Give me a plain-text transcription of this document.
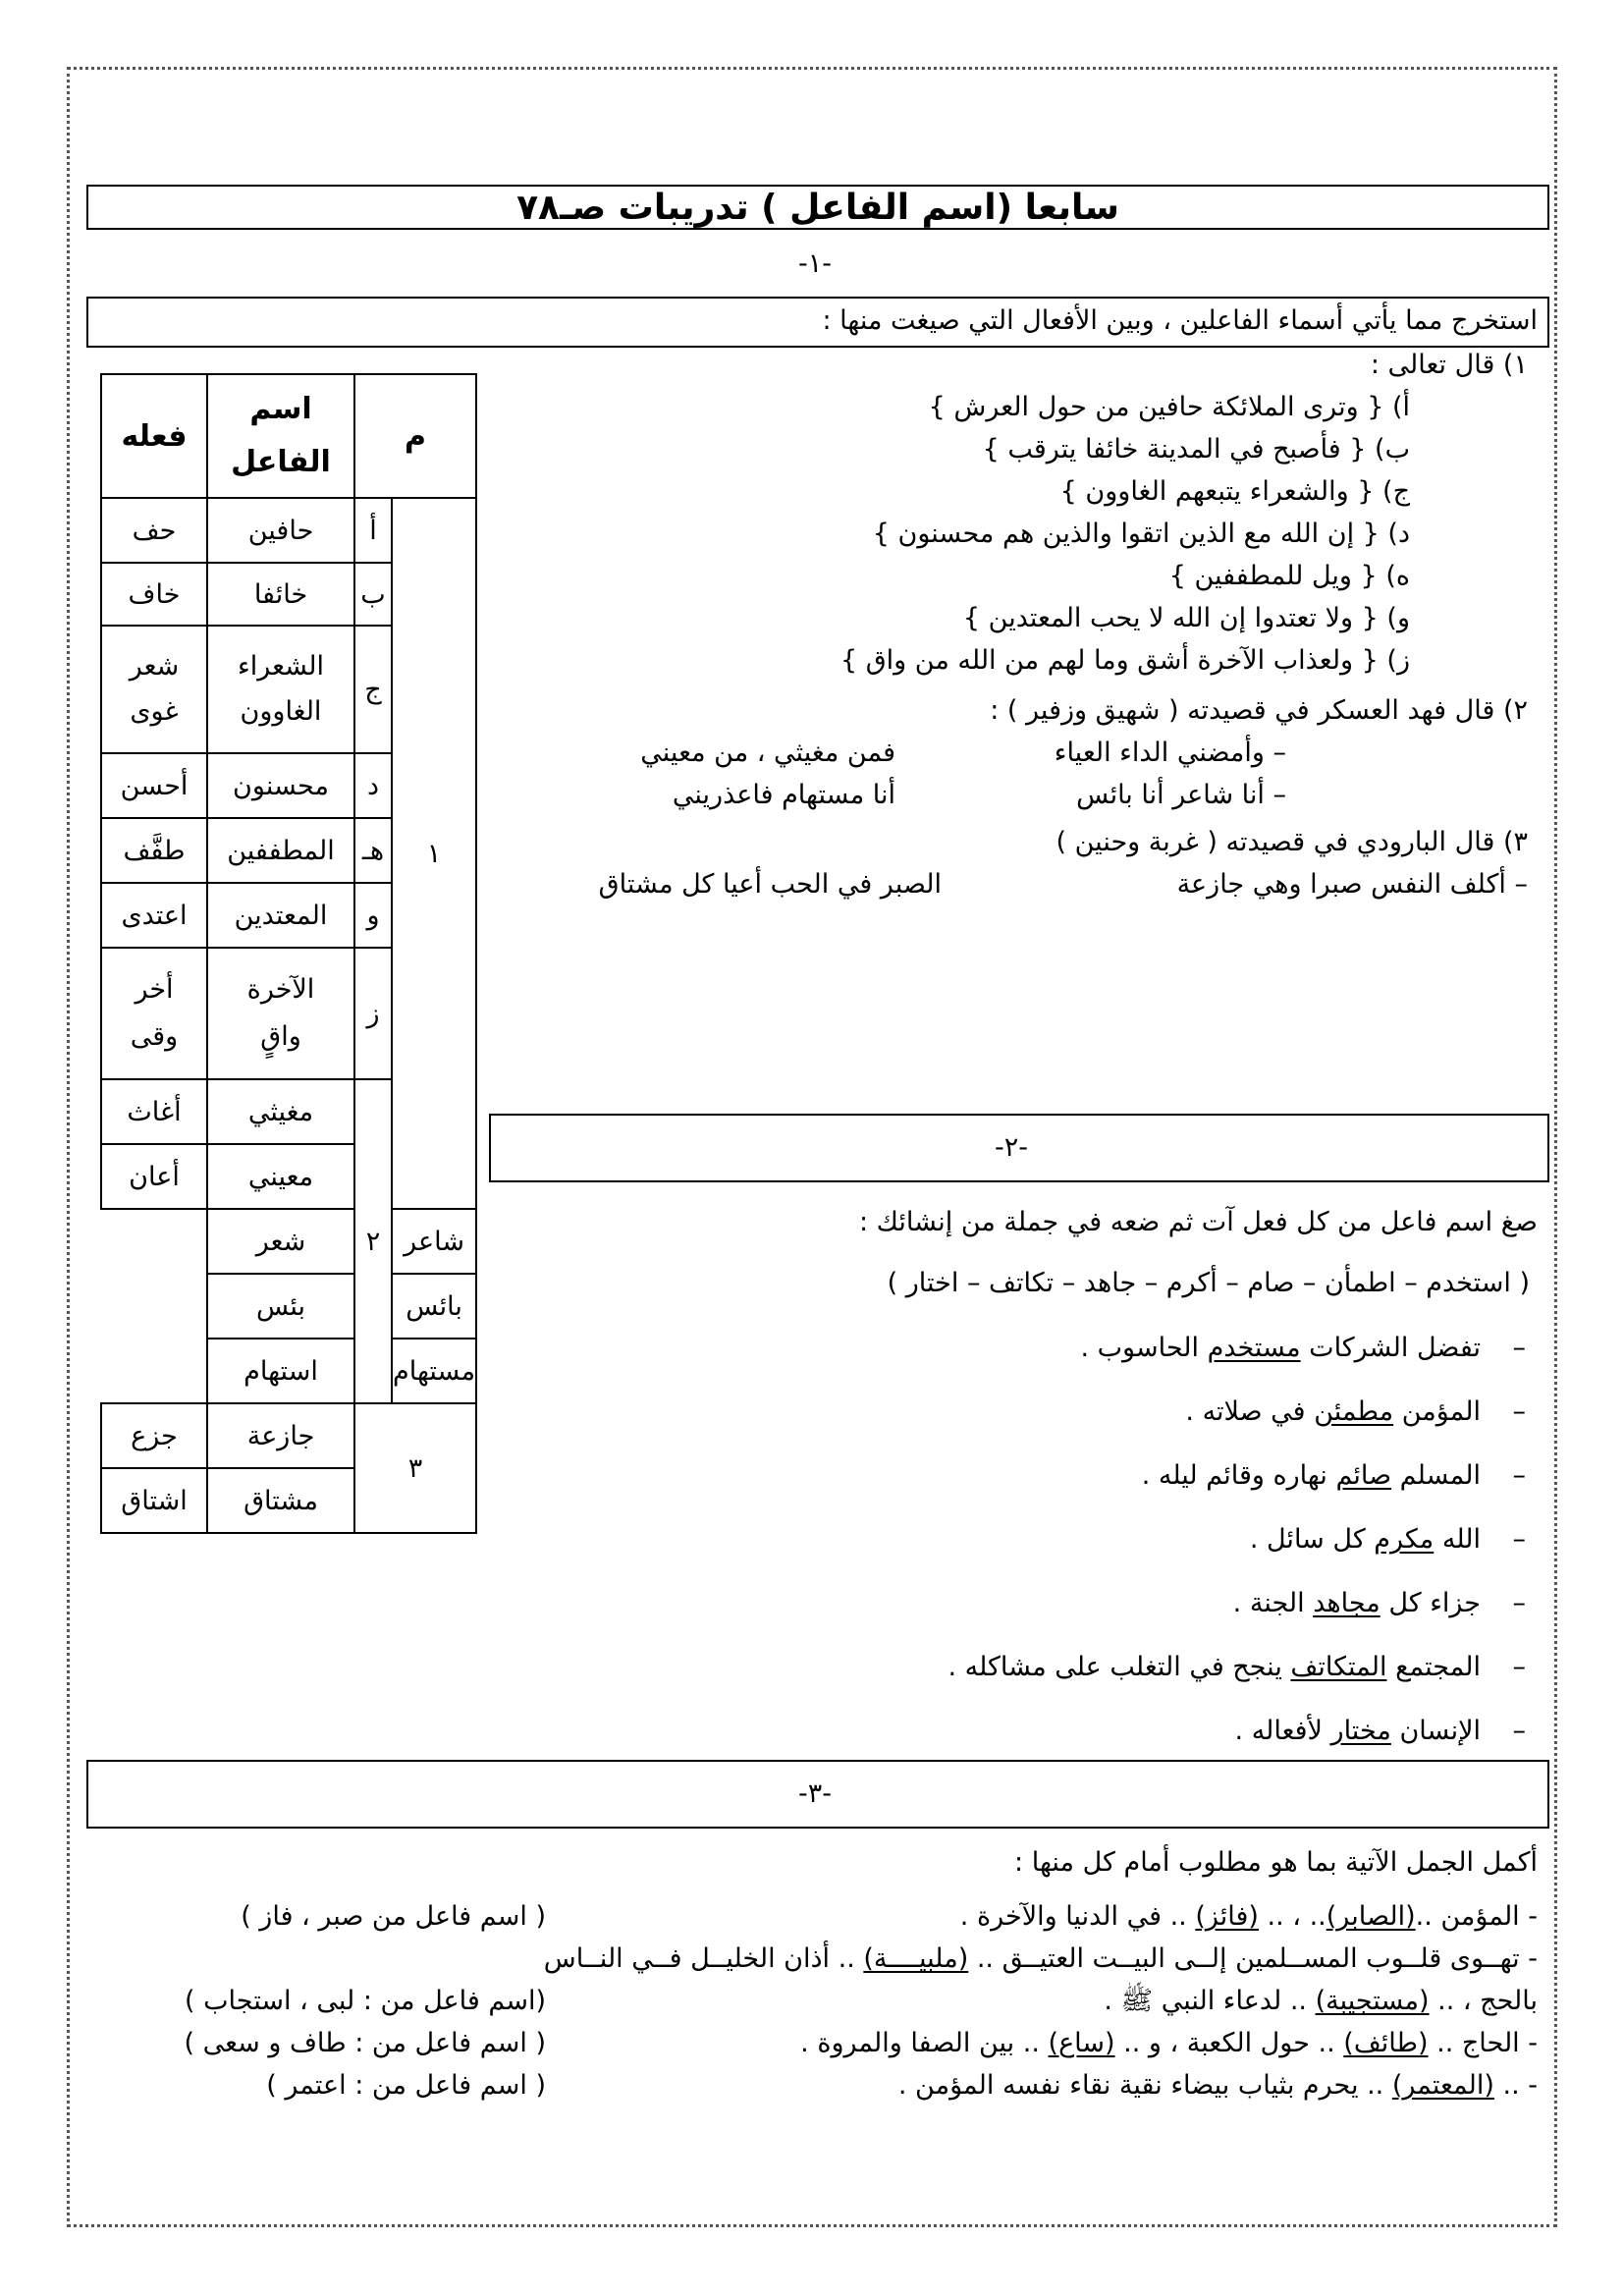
سابعا (اسم الفاعل ) تدريبات صـ٧٨
-١-
استخرج مما يأتي أسماء الفاعلين ، وبين الأفعال التي صيغت منها :
١) قال تعالى :
أ) { وترى الملائكة حافين من حول العرش }
ب) { فأصبح في المدينة خائفا يترقب }
ج) { والشعراء يتبعهم الغاوون }
د) { إن الله مع الذين اتقوا والذين هم محسنون }
ه) { ويل للمطففين }
و) { ولا تعتدوا إن الله لا يحب المعتدين }
ز) { ولعذاب الآخرة أشق وما لهم من الله من واق }
٢) قال فهد العسكر في قصيدته ( شهيق وزفير ) :
– وأمضني الداء العياء
فمن مغيثي ، من معيني
– أنا شاعر أنا بائس
أنا مستهام فاعذريني
٣) قال البارودي في قصيدته ( غربة وحنين )
– أكلف النفس صبرا وهي جازعة
الصبر في الحب أعيا كل مشتاق
م		اسم الفاعل	فعله
١	أ	حافين	حف
	ب	خائفا	خاف
	ج	الشعراء الغاوون	شعر غوى
	د	محسنون	أحسن
	هـ	المطففين	طفَّف
	و	المعتدين	اعتدى
	ز	الآخرة واقٍ	أخر وقى
	٢	مغيثي	أغاث
		معيني	أعان
شاعر		شعر	
بائس		بئس	
مستهام		استهام	
٣		جازعة	جزع
		مشتاق	اشتاق
-٢-
صغ اسم فاعل من كل فعل آت ثم ضعه في جملة من إنشائك :
( استخدم – اطمأن – صام – أكرم – جاهد – تكاتف – اختار )
تفضل الشركات مستخدم الحاسوب .
المؤمن مطمئن في صلاته .
المسلم صائم نهاره وقائم ليله .
الله مكرم كل سائل .
جزاء كل مجاهد الجنة .
المجتمع المتكاتف ينجح في التغلب على مشاكله .
الإنسان مختار لأفعاله .
–
–
–
–
–
–
–
-٣-
أكمل الجمل الآتية بما هو مطلوب أمام كل منها :
- المؤمن ..(الصابر).. ، .. (فائز) .. في الدنيا والآخرة .
( اسم فاعل من صبر ، فاز )
- تهــوى قلــوب المســلمين إلــى البيــت العتيــق .. (ملبيــــة) .. أذان الخليــل فــي النــاس
بالحج ، .. (مستجيبة) .. لدعاء النبي ﷺ .
(اسم فاعل من : لبى ، استجاب )
- الحاج .. (طائف) .. حول الكعبة ، و .. (ساع) .. بين الصفا والمروة .
( اسم فاعل من : طاف و سعى )
- .. (المعتمر) .. يحرم بثياب بيضاء نقية نقاء نفسه المؤمن .
( اسم فاعل من : اعتمر )
